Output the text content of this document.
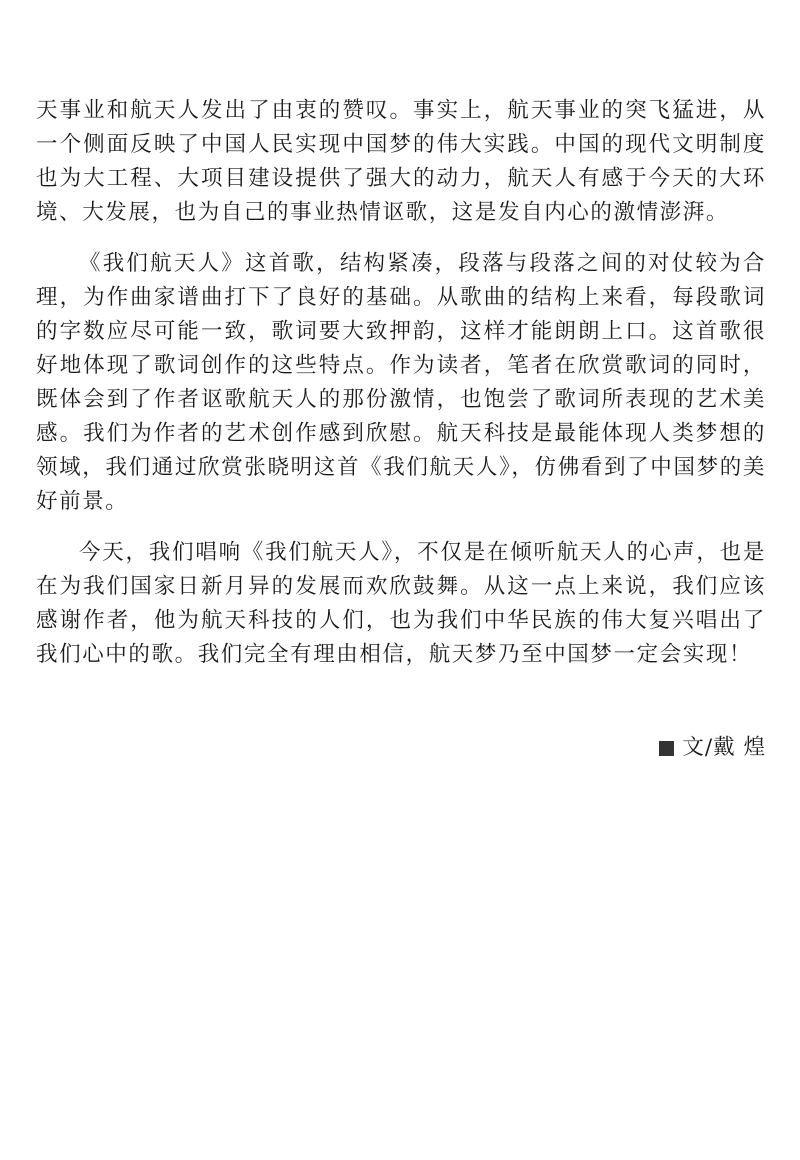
天事业和航天人发出了由衷的赞叹。事实上，航天事业的突飞猛进，从一个侧面反映了中国人民实现中国梦的伟大实践。中国的现代文明制度也为大工程、大项目建设提供了强大的动力，航天人有感于今天的大环境、大发展，也为自己的事业热情讴歌，这是发自内心的激情澎湃。

《我们航天人》这首歌，结构紧凑，段落与段落之间的对仗较为合理，为作曲家谱曲打下了良好的基础。从歌曲的结构上来看，每段歌词的字数应尽可能一致，歌词要大致押韵，这样才能朗朗上口。这首歌很好地体现了歌词创作的这些特点。作为读者，笔者在欣赏歌词的同时，既体会到了作者讴歌航天人的那份激情，也饱尝了歌词所表现的艺术美感。我们为作者的艺术创作感到欣慰。航天科技是最能体现人类梦想的领域，我们通过欣赏张晓明这首《我们航天人》，仿佛看到了中国梦的美好前景。

今天，我们唱响《我们航天人》，不仅是在倾听航天人的心声，也是在为我们国家日新月异的发展而欢欣鼓舞。从这一点上来说，我们应该感谢作者，他为航天科技的人们，也为我们中华民族的伟大复兴唱出了我们心中的歌。我们完全有理由相信，航天梦乃至中国梦一定会实现！

文/戴 煌
